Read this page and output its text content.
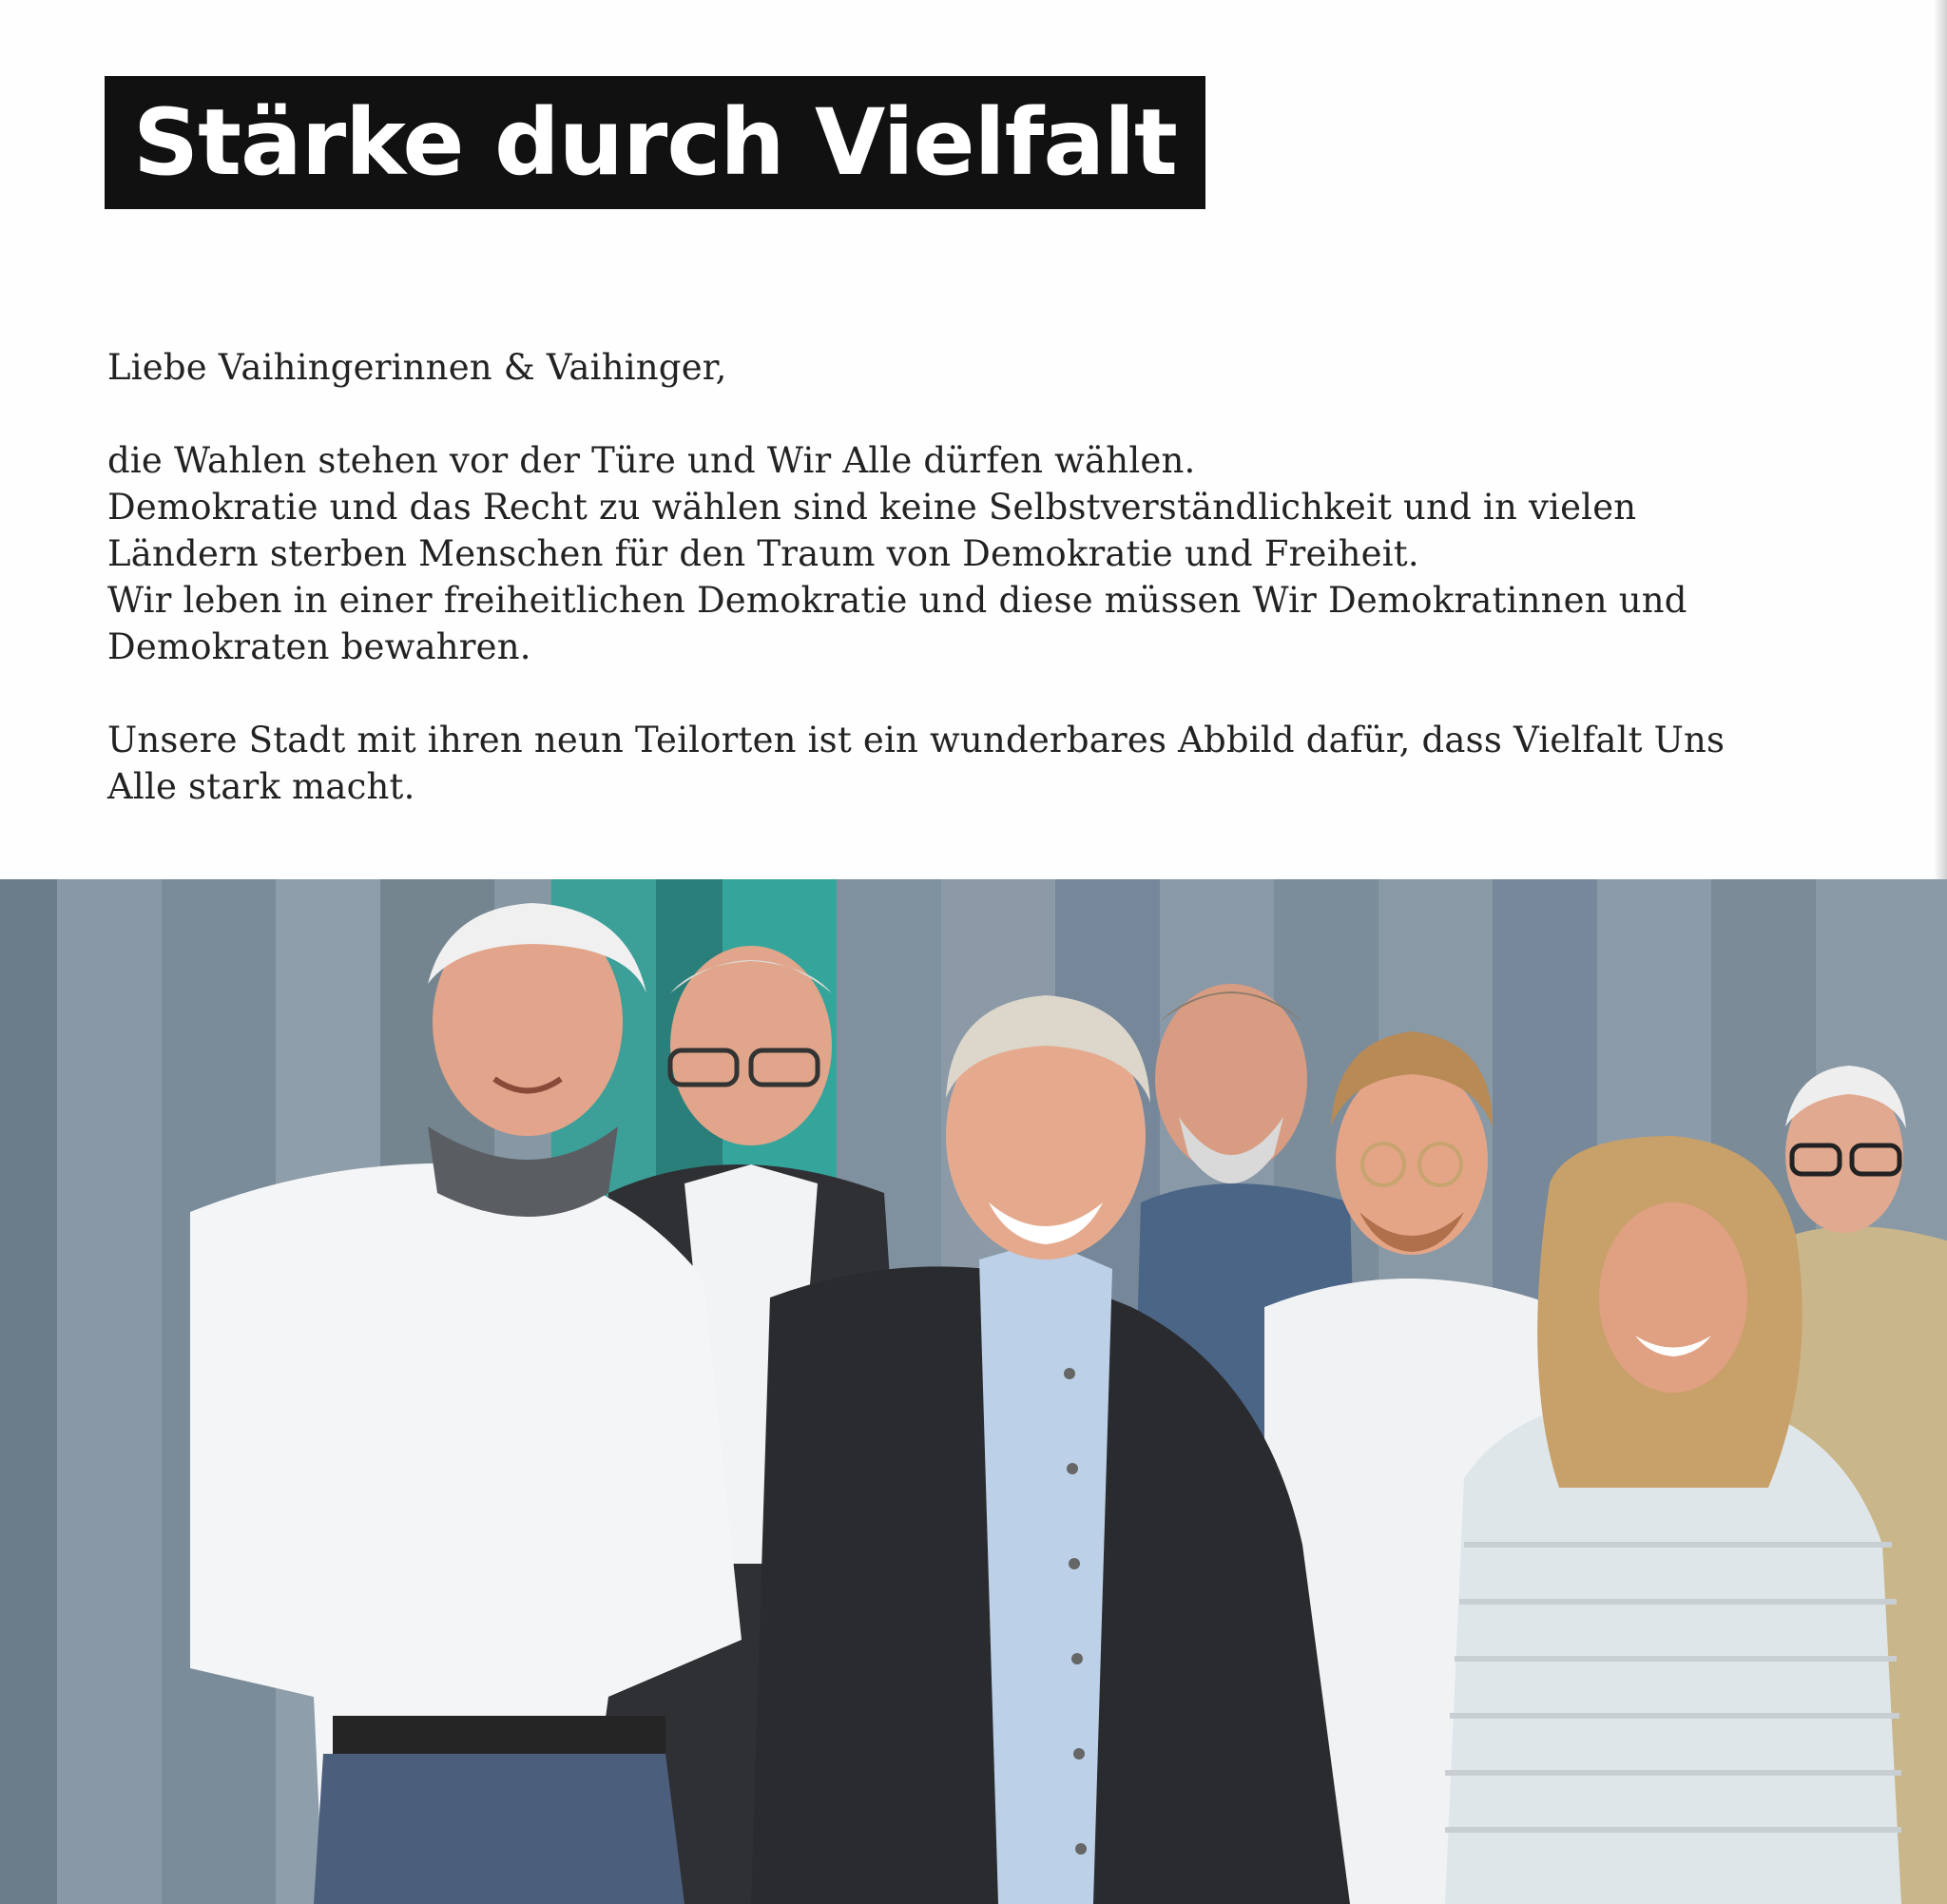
Stärke durch Vielfalt

Liebe Vaihingerinnen & Vaihinger,

die Wahlen stehen vor der Türe und Wir Alle dürfen wählen.
Demokratie und das Recht zu wählen sind keine Selbstverständlichkeit und in vielen
Ländern sterben Menschen für den Traum von Demokratie und Freiheit.
Wir leben in einer freiheitlichen Demokratie und diese müssen Wir Demokratinnen und
Demokraten bewahren.

Unsere Stadt mit ihren neun Teilorten ist ein wunderbares Abbild dafür, dass Vielfalt Uns
Alle stark macht.
